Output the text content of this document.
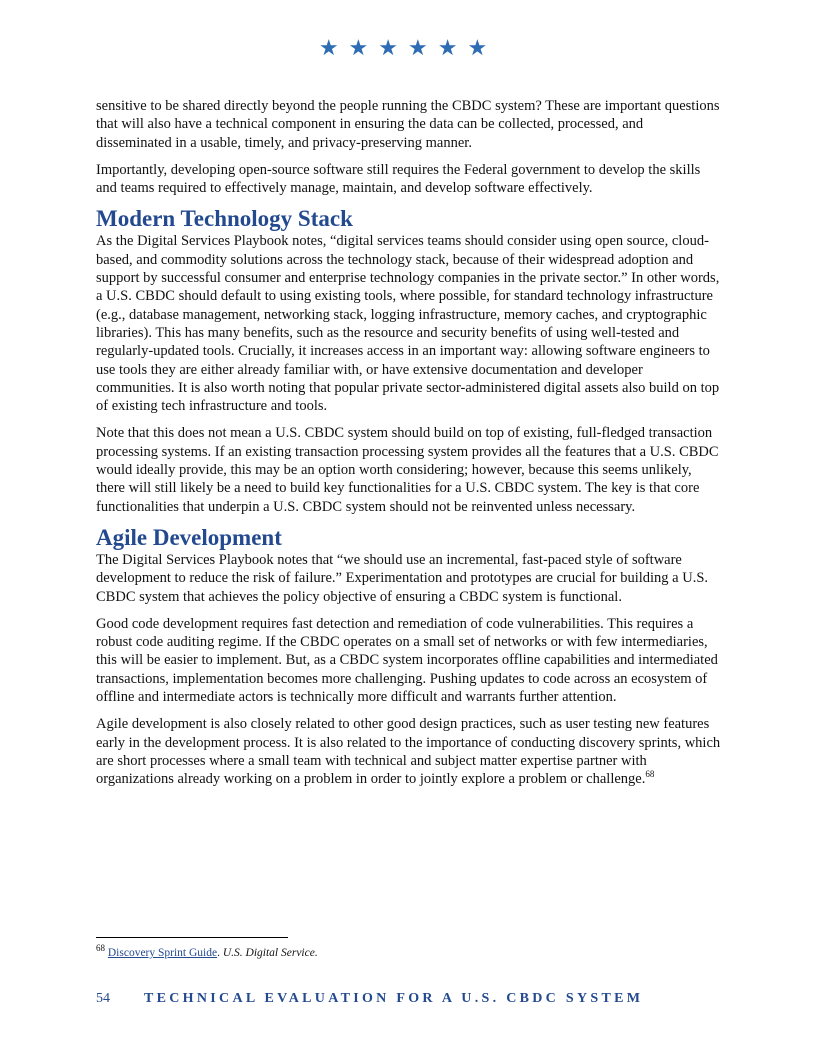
★★★★★★

sensitive to be shared directly beyond the people running the CBDC system? These are important questions that will also have a technical component in ensuring the data can be collected, processed, and disseminated in a usable, timely, and privacy-preserving manner.

Importantly, developing open-source software still requires the Federal government to develop the skills and teams required to effectively manage, maintain, and develop software effectively.

Modern Technology Stack

As the Digital Services Playbook notes, “digital services teams should consider using open source, cloud-based, and commodity solutions across the technology stack, because of their widespread adoption and support by successful consumer and enterprise technology companies in the private sector.” In other words, a U.S. CBDC should default to using existing tools, where possible, for standard technology infrastructure (e.g., database management, networking stack, logging infrastructure, memory caches, and cryptographic libraries). This has many benefits, such as the resource and security benefits of using well-tested and regularly-updated tools. Crucially, it increases access in an important way: allowing software engineers to use tools they are either already familiar with, or have extensive documentation and developer communities. It is also worth noting that popular private sector-administered digital assets also build on top of existing tech infrastructure and tools.

Note that this does not mean a U.S. CBDC system should build on top of existing, full-fledged transaction processing systems. If an existing transaction processing system provides all the features that a U.S. CBDC would ideally provide, this may be an option worth considering; however, because this seems unlikely, there will still likely be a need to build key functionalities for a U.S. CBDC system. The key is that core functionalities that underpin a U.S. CBDC system should not be reinvented unless necessary.

Agile Development

The Digital Services Playbook notes that “we should use an incremental, fast-paced style of software development to reduce the risk of failure.” Experimentation and prototypes are crucial for building a U.S. CBDC system that achieves the policy objective of ensuring a CBDC system is functional.

Good code development requires fast detection and remediation of code vulnerabilities. This requires a robust code auditing regime. If the CBDC operates on a small set of networks or with few intermediaries, this will be easier to implement. But, as a CBDC system incorporates offline capabilities and intermediated transactions, implementation becomes more challenging. Pushing updates to code across an ecosystem of offline and intermediate actors is technically more difficult and warrants further attention.

Agile development is also closely related to other good design practices, such as user testing new features early in the development process. It is also related to the importance of conducting discovery sprints, which are short processes where a small team with technical and subject matter expertise partner with organizations already working on a problem in order to jointly explore a problem or challenge.$^{68}$

$^{68}$ Discovery Sprint Guide. U.S. Digital Service.
54 TECHNICAL EVALUATION FOR A U.S. CBDC SYSTEM
